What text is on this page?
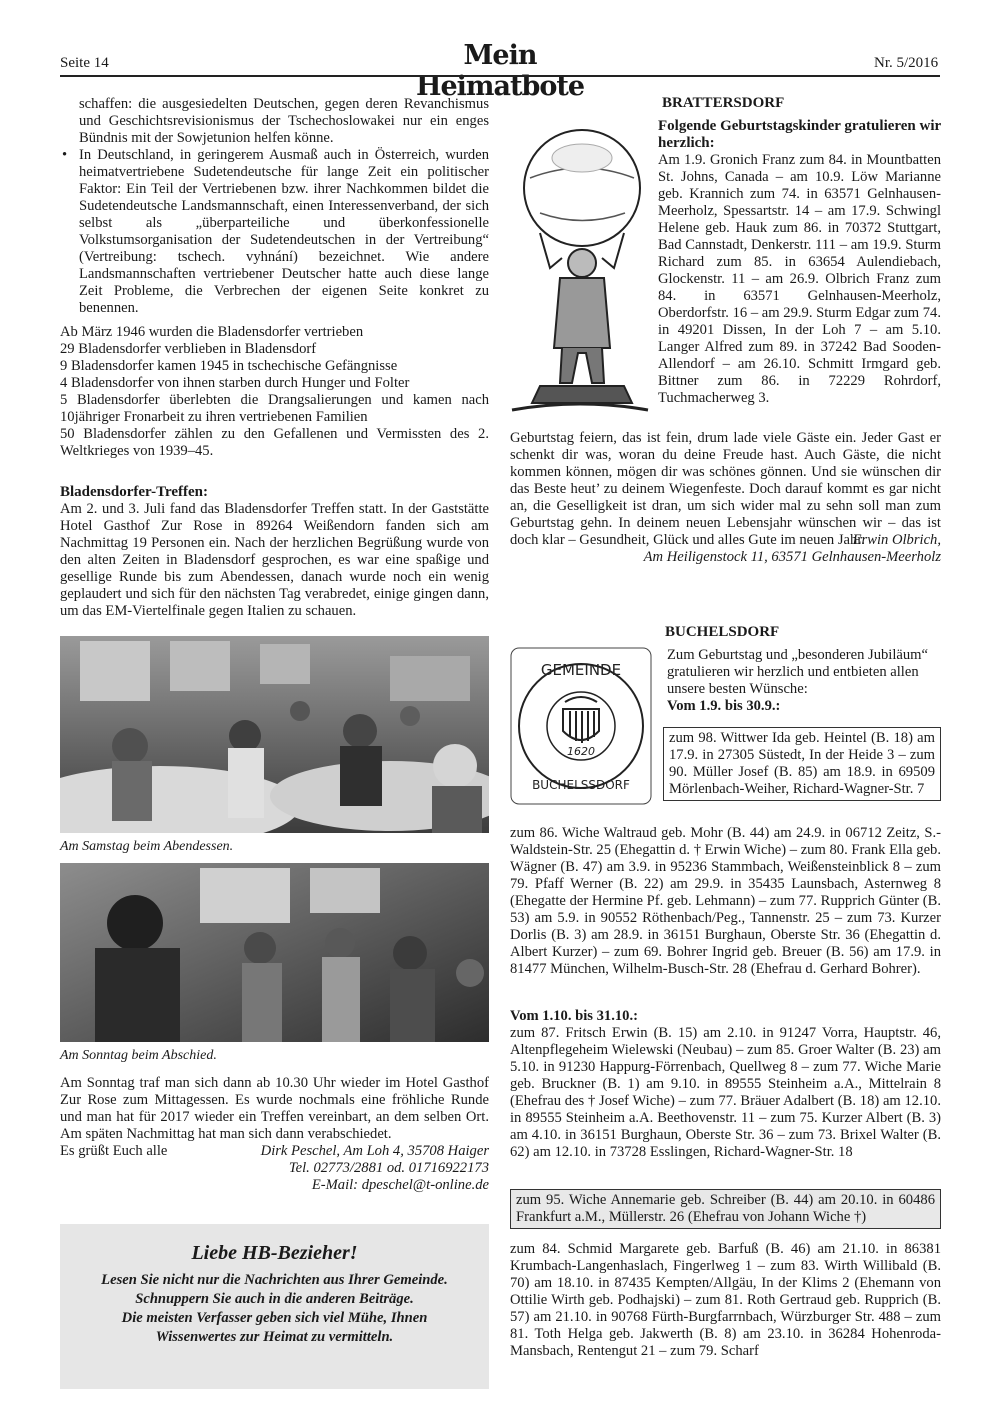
Seite 14	Mein Heimatbote
Nr. 5/2016

schaffen: die ausgesiedelten Deutschen, gegen deren Revanchismus und Geschichtsrevisionismus der Tschechoslowakei nur ein enges Bündnis mit der Sowjetunion helfen könne.

• In Deutschland, in geringerem Ausmaß auch in Österreich, wurden heimatvertriebene Sudetendeutsche für lange Zeit ein politischer Faktor: Ein Teil der Vertriebenen bzw. ihrer Nachkommen bildet die Sudetendeutsche Landsmannschaft, einen Interessenverband, der sich selbst als „überparteiliche und überkonfessionelle Volkstumsorganisation der Sudetendeutschen in der Vertreibung“ (Vertreibung: tschech. vyhnání) bezeichnet. Wie andere Landsmannschaften vertriebener Deutscher hatte auch diese lange Zeit Probleme, die Verbrechen der eigenen Seite konkret zu benennen.

Ab März 1946 wurden die Bladensdorfer vertrieben

29 Bladensdorfer verblieben in Bladensdorf

9 Bladensdorfer kamen 1945 in tschechische Gefängnisse

4 Bladensdorfer von ihnen starben durch Hunger und Folter

5 Bladensdorfer überlebten die Drangsalierungen und kamen nach 10jähriger Fronarbeit zu ihren vertriebenen Familien

50 Bladensdorfer zählen zu den Gefallenen und Vermissten des 2. Weltkrieges von 1939–45.

Bladensdorfer-Treffen:

Am 2. und 3. Juli fand das Bladensdorfer Treffen statt. In der Gaststätte Hotel Gasthof Zur Rose in 89264 Weißendorn fanden sich am Nachmittag 19 Personen ein. Nach der herzlichen Begrüßung wurde von den alten Zeiten in Bladensdorf gesprochen, es war eine spaßige und gesellige Runde bis zum Abendessen, danach wurde noch ein wenig geplaudert und sich für den nächsten Tag verabredet, einige gingen dann, um das EM-Viertelfinale gegen Italien zu schauen.

Am Samstag beim Abendessen.
Am Sonntag beim Abschied.

Am Sonntag traf man sich dann ab 10.30 Uhr wieder im Hotel Gasthof Zur Rose zum Mittagessen. Es wurde nochmals eine fröhliche Runde und man hat für 2017 wieder ein Treffen vereinbart, an dem selben Ort. Am späten Nachmittag hat man sich dann verabschiedet.

Es grüßt Euch alle	Dirk Peschel, Am Loh 4, 35708 Haiger

Tel. 02773/2881 od. 01716922173

E-Mail: dpeschel@t-online.de

Liebe HB-Bezieher!
Lesen Sie nicht nur die Nachrichten aus Ihrer Gemeinde.
Schnuppern Sie auch in die anderen Beiträge.
Die meisten Verfasser geben sich viel Mühe, Ihnen
Wissenwertes zur Heimat zu vermitteln.
BRATTERSDORF

Folgende Geburtstagskinder gratulieren wir herzlich:

Am 1.9. Gronich Franz zum 84. in Mountbatten St. Johns, Canada – am 10.9. Löw Marianne geb. Krannich zum 74. in 63571 Gelnhausen-Meerholz, Spessartstr. 14 – am 17.9. Schwingl Helene geb. Hauk zum 86. in 70372 Stuttgart, Bad Cannstadt, Denkerstr. 111 – am 19.9. Sturm Richard zum 85. in 63654 Aulendiebach, Glockenstr. 11 – am 26.9. Olbrich Franz zum 84. in 63571 Gelnhausen-Meerholz, Oberdorfstr. 16 – am 29.9. Sturm Edgar zum 74. in 49201 Dissen, In der Loh 7 – am 5.10. Langer Alfred zum 89. in 37242 Bad Sooden-Allendorf – am 26.10. Schmitt Irmgard geb. Bittner zum 86. in 72229 Rohrdorf, Tuchmacherweg 3.

Geburtstag feiern, das ist fein, drum lade viele Gäste ein. Jeder Gast er schenkt dir was, woran du deine Freude hast. Auch Gäste, die nicht kommen können, mögen dir was schönes gönnen. Und sie wünschen dir das Beste heut’ zu deinem Wiegenfeste. Doch darauf kommt es gar nicht an, die Geselligkeit ist dran, um sich wider mal zu sehn soll man zum Geburtstag gehn. In deinem neuen Lebensjahr wünschen wir – das ist doch klar – Gesundheit, Glück und alles Gute im neuen Jahr.

Erwin Olbrich,

Am Heiligenstock 11, 63571 Gelnhausen-Meerholz

BUCHELSDORF
GEMEINDE
BUCHELSSDORF
1620

Zum Geburtstag und „besonderen Jubiläum“ gratulieren wir herzlich und entbieten allen unsere besten Wünsche:

Vom 1.9. bis 30.9.:

zum 98. Wittwer Ida geb. Heintel (B. 18) am 17.9. in 27305 Süstedt, In der Heide 3 – zum 90. Müller Josef (B. 85) am 18.9. in 69509 Mörlenbach-Weiher, Richard-Wagner-Str. 7
zum 86. Wiche Waltraud geb. Mohr (B. 44) am 24.9. in 06712 Zeitz, S.-Waldstein-Str. 25 (Ehegattin d. † Erwin Wiche) – zum 80. Frank Ella geb. Wägner (B. 47) am 3.9. in 95236 Stammbach, Weißensteinblick 8 – zum 79. Pfaff Werner (B. 22) am 29.9. in 35435 Launsbach, Asternweg 8 (Ehegatte der Hermine Pf. geb. Lehmann) – zum 77. Rupprich Günter (B. 53) am 5.9. in 90552 Röthenbach/Peg., Tannenstr. 25 – zum 73. Kurzer Dorlis (B. 3) am 28.9. in 36151 Burghaun, Oberste Str. 36 (Ehegattin d. Albert Kurzer) – zum 69. Bohrer Ingrid geb. Breuer (B. 56) am 17.9. in 81477 München, Wilhelm-Busch-Str. 28 (Ehefrau d. Gerhard Bohrer).

Vom 1.10. bis 31.10.:

zum 87. Fritsch Erwin (B. 15) am 2.10. in 91247 Vorra, Hauptstr. 46, Altenpflegeheim Wielewski (Neubau) – zum 85. Groer Walter (B. 23) am 5.10. in 91230 Happurg-Förrenbach, Quellweg 8 – zum 77. Wiche Marie geb. Bruckner (B. 1) am 9.10. in 89555 Steinheim a.A., Mittelrain 8 (Ehefrau des † Josef Wiche) – zum 77. Bräuer Adalbert (B. 18) am 12.10. in 89555 Steinheim a.A. Beethovenstr. 11 – zum 75. Kurzer Albert (B. 3) am 4.10. in 36151 Burghaun, Oberste Str. 36 – zum 73. Brixel Walter (B. 62) am 12.10. in 73728 Esslingen, Richard-Wagner-Str. 18

zum 95. Wiche Annemarie geb. Schreiber (B. 44) am 20.10. in 60486 Frankfurt a.M., Müllerstr. 26 (Ehefrau von Johann Wiche †)
zum 84. Schmid Margarete geb. Barfuß (B. 46) am 21.10. in 86381 Krumbach-Langenhaslach, Fingerlweg 1 – zum 83. Wirth Willibald (B. 70) am 18.10. in 87435 Kempten/Allgäu, In der Klims 2 (Ehemann von Ottilie Wirth geb. Podhajski) – zum 81. Roth Gertraud geb. Rupprich (B. 57) am 21.10. in 90768 Fürth-Burgfarrnbach, Würzburger Str. 488 – zum 81. Toth Helga geb. Jakwerth (B. 8) am 23.10. in 36284 Hohenroda-Mansbach, Rentengut 21 – zum 79. Scharf
